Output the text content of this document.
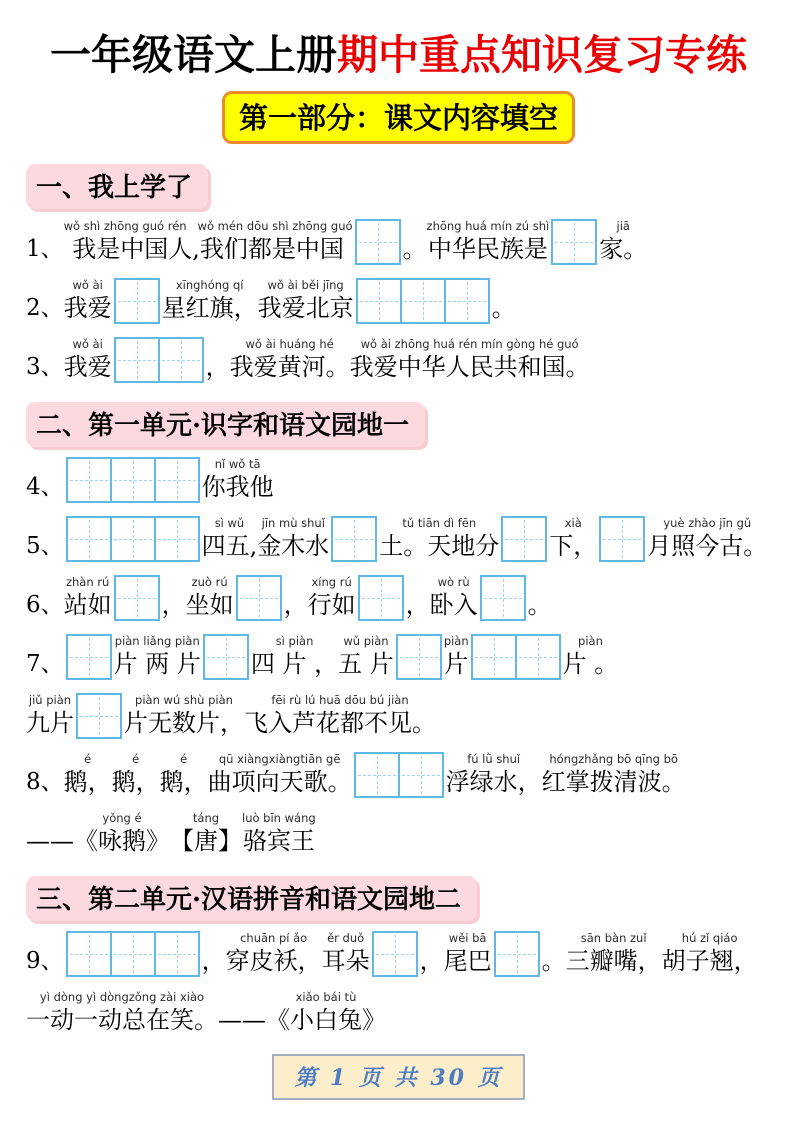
一年级语文上册期中重点知识复习专练
第一部分：课文内容填空
一、我上学了
1、
wǒ shì zhōng guó rén   wǒ mén dōu shì zhōng guó
我是中国人,我们都是中国 。
zhōng huá mín zú shì
中华民族是
jiā
家。
2、
wǒ ài
我爱
xīnghóng qí
星红旗，
wǒ ài běi jīng
我爱北京	。
3、
wǒ ài
我爱	，
wǒ ài huáng hé
我爱黄河。
wǒ ài zhōng huá rén mín gòng hé guó
我爱中华人民共和国。
二、第一单元·识字和语文园地一
4、
nǐ wǒ tā
你我他
5、
sì wǔ
四五,
jīn mù shuǐ
金木水
tǔ tiān dì fēn
土。天地分
xià
下，
yuè zhào jīn gǔ
月照今古。
6、
zhàn rú
站如 ，
zuò rú
坐如 ，
xíng rú
行如 ，
wò rù
卧入 。
7、
piàn liǎng piàn
片 两 片
sì piàn
四 片 ，
wǔ piàn
五 片
piàn
片
piàn
片 。
jiǔ piàn
九片
piàn wú shù piàn
片无数片，
fēi rù lú huā dōu bú jiàn
飞入芦花都不见。
8、
é
鹅，
é
鹅，
é
鹅，
qū xiàngxiàngtiān gē
曲项向天歌。
fú lǜ shuǐ
浮绿水，
hóngzhǎng bō qīng bō
红掌拨清波。
——
yǒng é
《咏鹅》
táng
【唐】
luò bīn wáng
骆宾王
三、第二单元·汉语拼音和语文园地二
9、	，
chuān pí ǎo
穿皮袄，
ěr duǒ
耳朵 ，
wěi bā
尾巴 。
sān bàn zuǐ
三瓣嘴，
hú zǐ qiáo
胡子翘，
yì dòng yì dòngzǒng zài xiào
一动一动总在笑。 ——
xiǎo bái tù
《小白兔》
第 1 页 共 30 页
